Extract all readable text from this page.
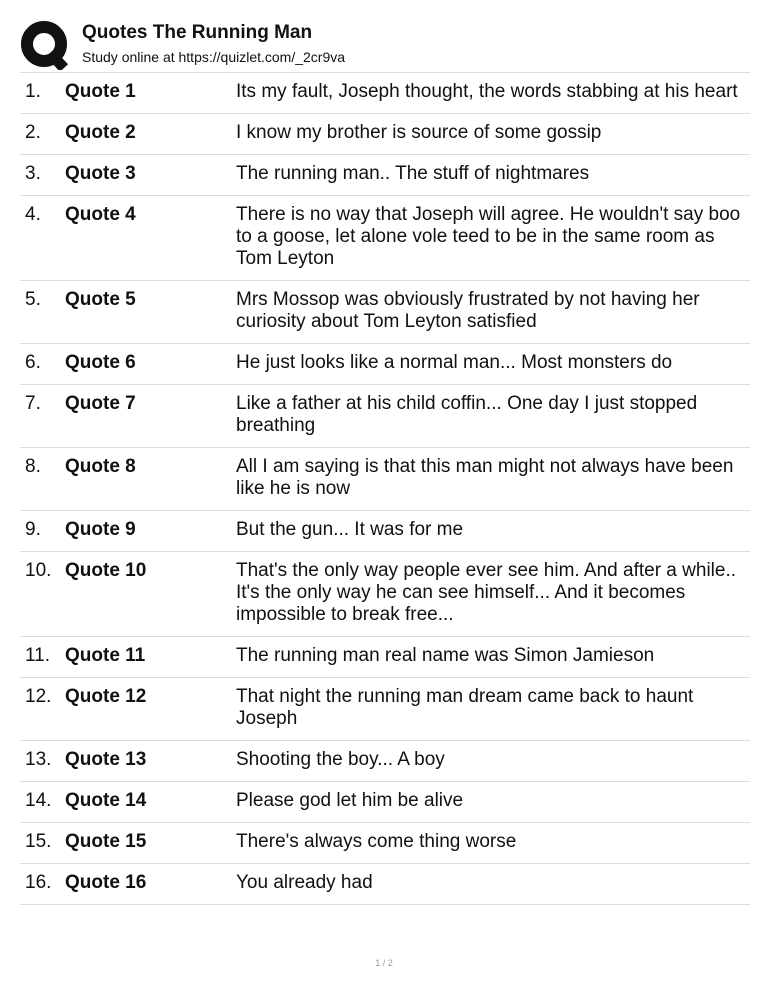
Quotes The Running Man
Study online at https://quizlet.com/_2cr9va
1.	Quote 1	Its my fault, Joseph thought, the words stabbing at his heart
2.	Quote 2	I know my brother is source of some gossip
3.	Quote 3	The running man.. The stuff of nightmares
4.	Quote 4	There is no way that Joseph will agree. He wouldn't say boo to a goose, let alone vole teed to be in the same room as Tom Leyton
5.	Quote 5	Mrs Mossop was obviously frustrated by not having her curiosity about Tom Leyton satisfied
6.	Quote 6	He just looks like a normal man... Most monsters do
7.	Quote 7	Like a father at his child coffin... One day I just stopped breathing
8.	Quote 8	All I am saying is that this man might not always have been like he is now
9.	Quote 9	But the gun... It was for me
10. Quote 10	That's the only way people ever see him. And after a while.. It's the only way he can see himself... And it becomes impossible to break free...
11. Quote 11	The running man real name was Simon Jamieson
12. Quote 12	That night the running man dream came back to haunt Joseph
13. Quote 13	Shooting the boy... A boy
14. Quote 14	Please god let him be alive
15. Quote 15	There's always come thing worse
16. Quote 16	You already had
1 / 2
